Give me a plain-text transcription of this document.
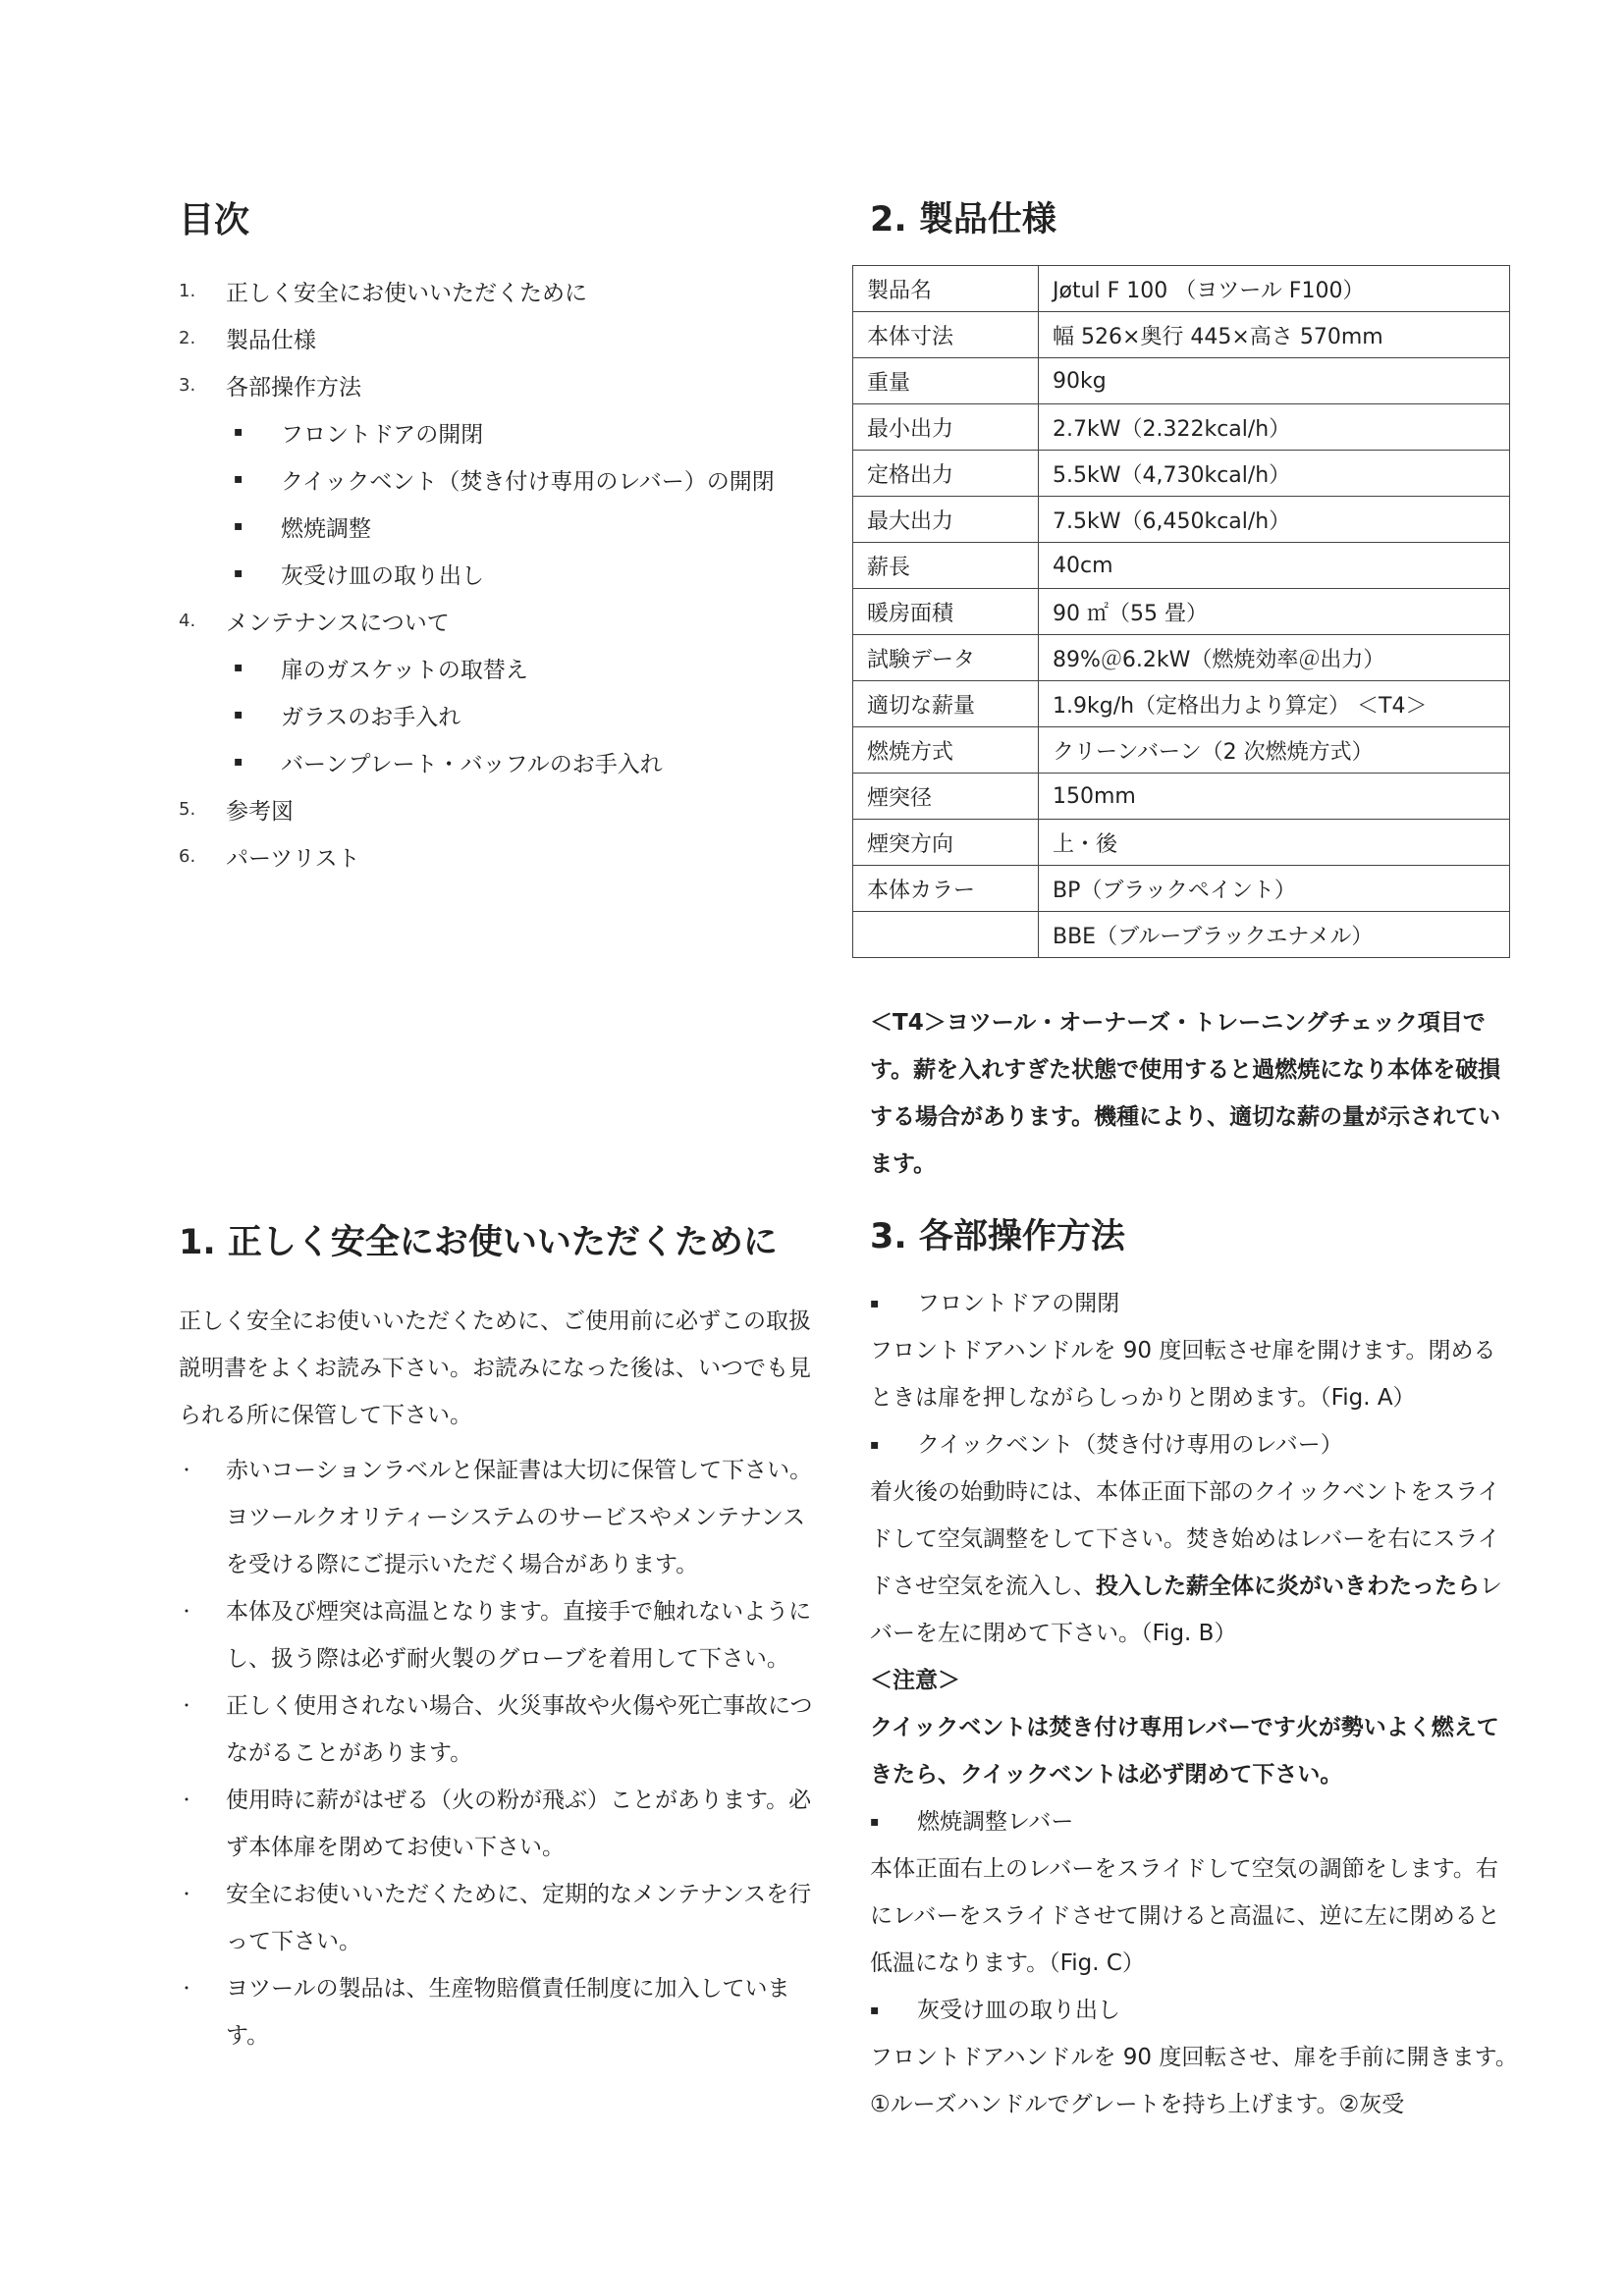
目次
1.	正しく安全にお使いいただくために
2.	製品仕様
3.	各部操作方法
▪	フロントドアの開閉
▪	クイックベント（焚き付け専用のレバー）の開閉
▪	燃焼調整
▪	灰受け皿の取り出し
4.	メンテナンスについて
▪	扉のガスケットの取替え
▪	ガラスのお手入れ
▪	バーンプレート・バッフルのお手入れ
5.	参考図
6.	パーツリスト
1. 正しく安全にお使いいただくために
正しく安全にお使いいただくために、ご使用前に必ずこの取扱説明書をよくお読み下さい。お読みになった後は、いつでも見られる所に保管して下さい。
・	赤いコーションラベルと保証書は大切に保管して下さい。ヨツールクオリティーシステムのサービスやメンテナンスを受ける際にご提示いただく場合があります。
・	本体及び煙突は高温となります。直接手で触れないようにし、扱う際は必ず耐火製のグローブを着用して下さい。
・	正しく使用されない場合、火災事故や火傷や死亡事故につながることがあります。
・	使用時に薪がはぜる（火の粉が飛ぶ）ことがあります。必ず本体扉を閉めてお使い下さい。
・	安全にお使いいただくために、定期的なメンテナンスを行って下さい。
・	ヨツールの製品は、生産物賠償責任制度に加入しています。
2. 製品仕様
製品名	Jøtul F 100 （ヨツール F100）
本体寸法	幅 526×奥行 445×高さ 570mm
重量	90kg
最小出力	2.7kW（2.322kcal/h）
定格出力	5.5kW（4,730kcal/h）
最大出力	7.5kW（6,450kcal/h）
薪長	40cm
暖房面積	90 ㎡（55 畳）
試験データ	89%＠6.2kW（燃焼効率＠出力）
適切な薪量	1.9kg/h（定格出力より算定） ＜T4＞
燃焼方式	クリーンバーン（2 次燃焼方式）
煙突径	150mm
煙突方向	上・後
本体カラー	BP（ブラックペイント）
	BBE（ブルーブラックエナメル）
＜T4＞ヨツール・オーナーズ・トレーニングチェック項目です。薪を入れすぎた状態で使用すると過燃焼になり本体を破損する場合があります。機種により、適切な薪の量が示されています。
3. 各部操作方法
▪	フロントドアの開閉

フロントドアハンドルを 90 度回転させ扉を開けます。閉めるときは扉を押しながらしっかりと閉めます。（Fig. A）

▪	クイックベント（焚き付け専用のレバー）

着火後の始動時には、本体正面下部のクイックベントをスライドして空気調整をして下さい。焚き始めはレバーを右にスライドさせ空気を流入し、投入した薪全体に炎がいきわたったらレバーを左に閉めて下さい。（Fig. B）

＜注意＞

クイックベントは焚き付け専用レバーです火が勢いよく燃えてきたら、クイックベントは必ず閉めて下さい。

▪	燃焼調整レバー

本体正面右上のレバーをスライドして空気の調節をします。右にレバーをスライドさせて開けると高温に、逆に左に閉めると低温になります。（Fig. C）

▪	灰受け皿の取り出し

フロントドアハンドルを 90 度回転させ、扉を手前に開きます。①ルーズハンドルでグレートを持ち上げます。②灰受
